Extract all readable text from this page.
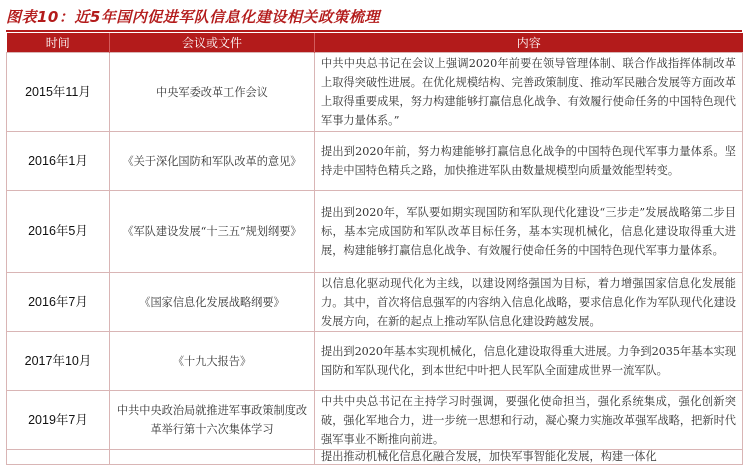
图表10：近5年国内促进军队信息化建设相关政策梳理
时间	会议或文件	内容
2015年11月	中央军委改革工作会议	中共中央总书记在会议上强调2020年前要在领导管理体制、联合作战指挥体制改革上取得突破性进展。在优化规模结构、完善政策制度、推动军民融合发展等方面改革上取得重要成果，努力构建能够打赢信息化战争、有效履行使命任务的中国特色现代军事力量体系。”
2016年1月	《关于深化国防和军队改革的意见》	提出到2020年前，努力构建能够打赢信息化战争的中国特色现代军事力量体系。坚持走中国特色精兵之路，加快推进军队由数量规模型向质量效能型转变。
2016年5月	《军队建设发展“十三五”规划纲要》	提出到2020年，军队要如期实现国防和军队现代化建设“三步走”发展战略第二步目标，基本完成国防和军队改革目标任务，基本实现机械化，信息化建设取得重大进展，构建能够打赢信息化战争、有效履行使命任务的中国特色现代军事力量体系。
2016年7月	《国家信息化发展战略纲要》	以信息化驱动现代化为主线，以建设网络强国为目标，着力增强国家信息化发展能力。其中，首次将信息强军的内容纳入信息化战略，要求信息化作为军队现代化建设发展方向，在新的起点上推动军队信息化建设跨越发展。
2017年10月	《十九大报告》	提出到2020年基本实现机械化，信息化建设取得重大进展。力争到2035年基本实现国防和军队现代化，到本世纪中叶把人民军队全面建成世界一流军队。
2019年7月	中共中央政治局就推进军事政策制度改革举行第十六次集体学习	中共中央总书记在主持学习时强调，要强化使命担当，强化系统集成，强化创新突破，强化军地合力，进一步统一思想和行动，凝心聚力实施改革强军战略，把新时代强军事业不断推向前进。
		提出推动机械化信息化融合发展，加快军事智能化发展，构建一体化
